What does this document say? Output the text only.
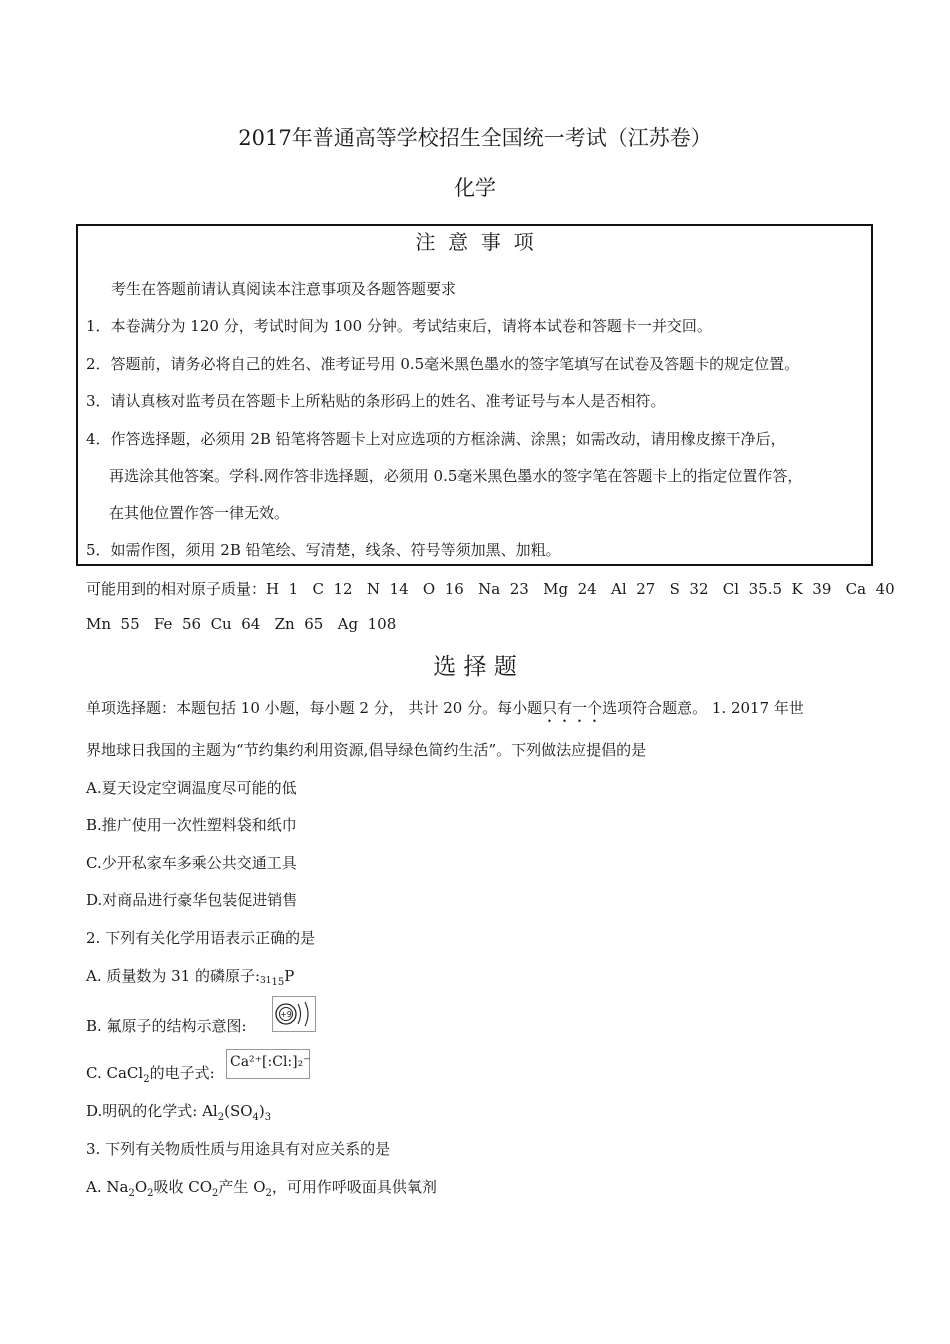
2017年普通高等学校招生全国统一考试（江苏卷）
化学
注  意  事  项
考生在答题前请认真阅读本注意事项及各题答题要求
1．本卷满分为 120 分，考试时间为 100 分钟。考试结束后，请将本试卷和答题卡一并交回。
2．答题前，请务必将自己的姓名、准考证号用 0.5毫米黑色墨水的签字笔填写在试卷及答题卡的规定位置。
3．请认真核对监考员在答题卡上所粘贴的条形码上的姓名、准考证号与本人是否相符。
4．作答选择题，必须用 2B 铅笔将答题卡上对应选项的方框涂满、涂黑；如需改动，请用橡皮擦干净后，
再选涂其他答案。学科.网作答非选择题，必须用 0.5毫米黑色墨水的签字笔在答题卡上的指定位置作答，
在其他位置作答一律无效。
5．如需作图，须用 2B 铅笔绘、写清楚，线条、符号等须加黑、加粗。
可能用到的相对原子质量：H  1   C  12   N  14   O  16   Na  23   Mg  24   Al  27   S  32   Cl  35.5  K  39   Ca  40
Mn  55   Fe  56  Cu  64   Zn  65   Ag  108
选 择 题
单项选择题：本题包括 10 小题，每小题 2 分， 共计 20 分。每小题只有一个选项符合题意。 1. 2017 年世
界地球日我国的主题为“节约集约利用资源,倡导绿色简约生活”。下列做法应提倡的是
A.夏天设定空调温度尽可能的低
B.推广使用一次性塑料袋和纸巾
C.少开私家车多乘公共交通工具
D.对商品进行豪华包装促进销售
2. 下列有关化学用语表示正确的是
A. 质量数为 31 的磷原子$:_{3115}P$
B. 氟原子的结构示意图:
+9
C. CaCl$_2$的电子式:
Ca²⁺[:Cl:]₂⁻
D.明矾的化学式: $Al_2(SO_4)_3$
3. 下列有关物质性质与用途具有对应关系的是
A. $Na_2O_2$吸收 $CO_2$产生 $O_2$，可用作呼吸面具供氧剂
